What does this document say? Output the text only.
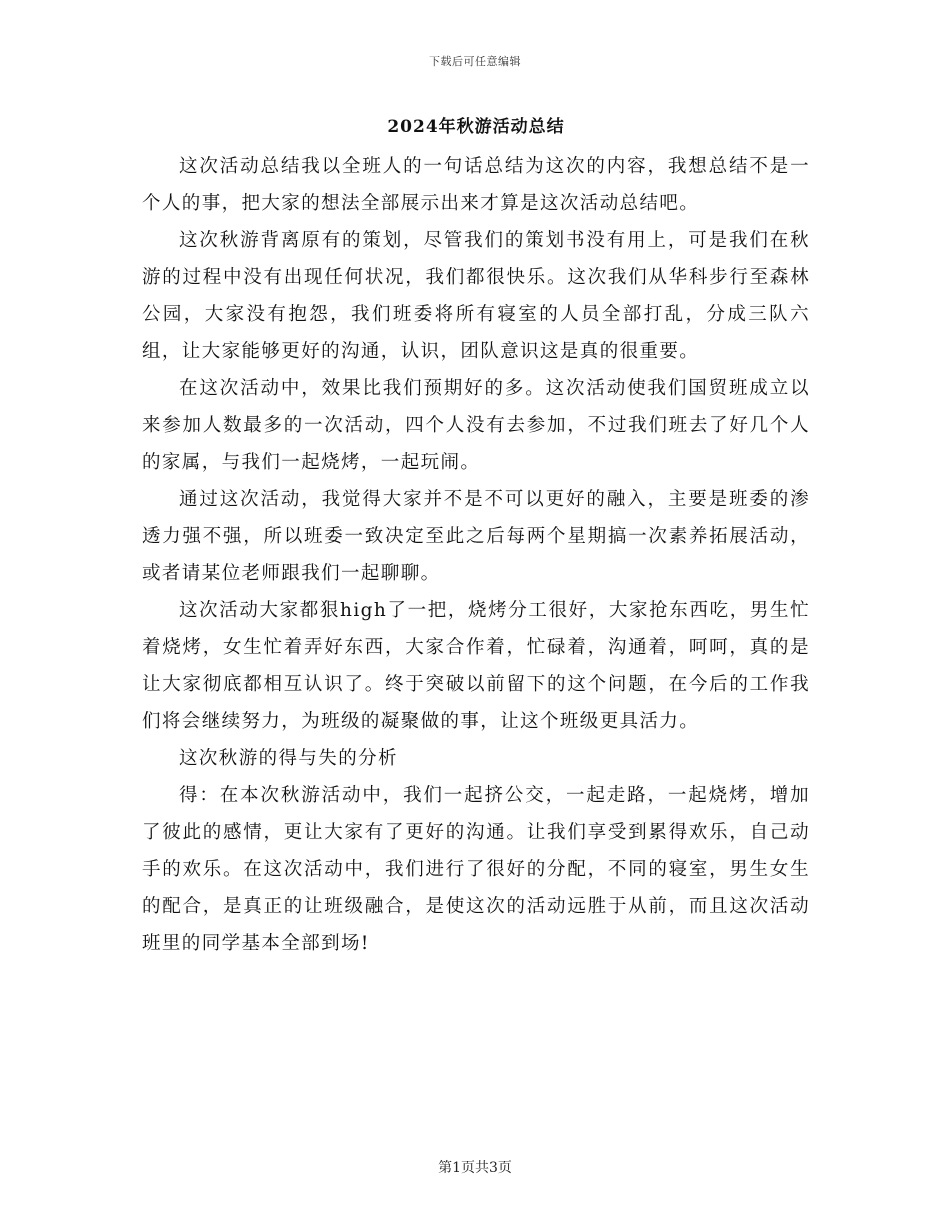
下载后可任意编辑
2024年秋游活动总结

这次活动总结我以全班人的一句话总结为这次的内容，我想总结不是一个人的事，把大家的想法全部展示出来才算是这次活动总结吧。

这次秋游背离原有的策划，尽管我们的策划书没有用上，可是我们在秋游的过程中没有出现任何状况，我们都很快乐。这次我们从华科步行至森林公园，大家没有抱怨，我们班委将所有寝室的人员全部打乱，分成三队六组，让大家能够更好的沟通，认识，团队意识这是真的很重要。

在这次活动中，效果比我们预期好的多。这次活动使我们国贸班成立以来参加人数最多的一次活动，四个人没有去参加，不过我们班去了好几个人的家属，与我们一起烧烤，一起玩闹。

通过这次活动，我觉得大家并不是不可以更好的融入，主要是班委的渗透力强不强，所以班委一致决定至此之后每两个星期搞一次素养拓展活动，或者请某位老师跟我们一起聊聊。

这次活动大家都狠high了一把，烧烤分工很好，大家抢东西吃，男生忙着烧烤，女生忙着弄好东西，大家合作着，忙碌着，沟通着，呵呵，真的是让大家彻底都相互认识了。终于突破以前留下的这个问题，在今后的工作我们将会继续努力，为班级的凝聚做的事，让这个班级更具活力。

这次秋游的得与失的分析

得：在本次秋游活动中，我们一起挤公交，一起走路，一起烧烤，增加了彼此的感情，更让大家有了更好的沟通。让我们享受到累得欢乐，自己动手的欢乐。在这次活动中，我们进行了很好的分配，不同的寝室，男生女生的配合，是真正的让班级融合，是使这次的活动远胜于从前，而且这次活动班里的同学基本全部到场!

第1页共3页
